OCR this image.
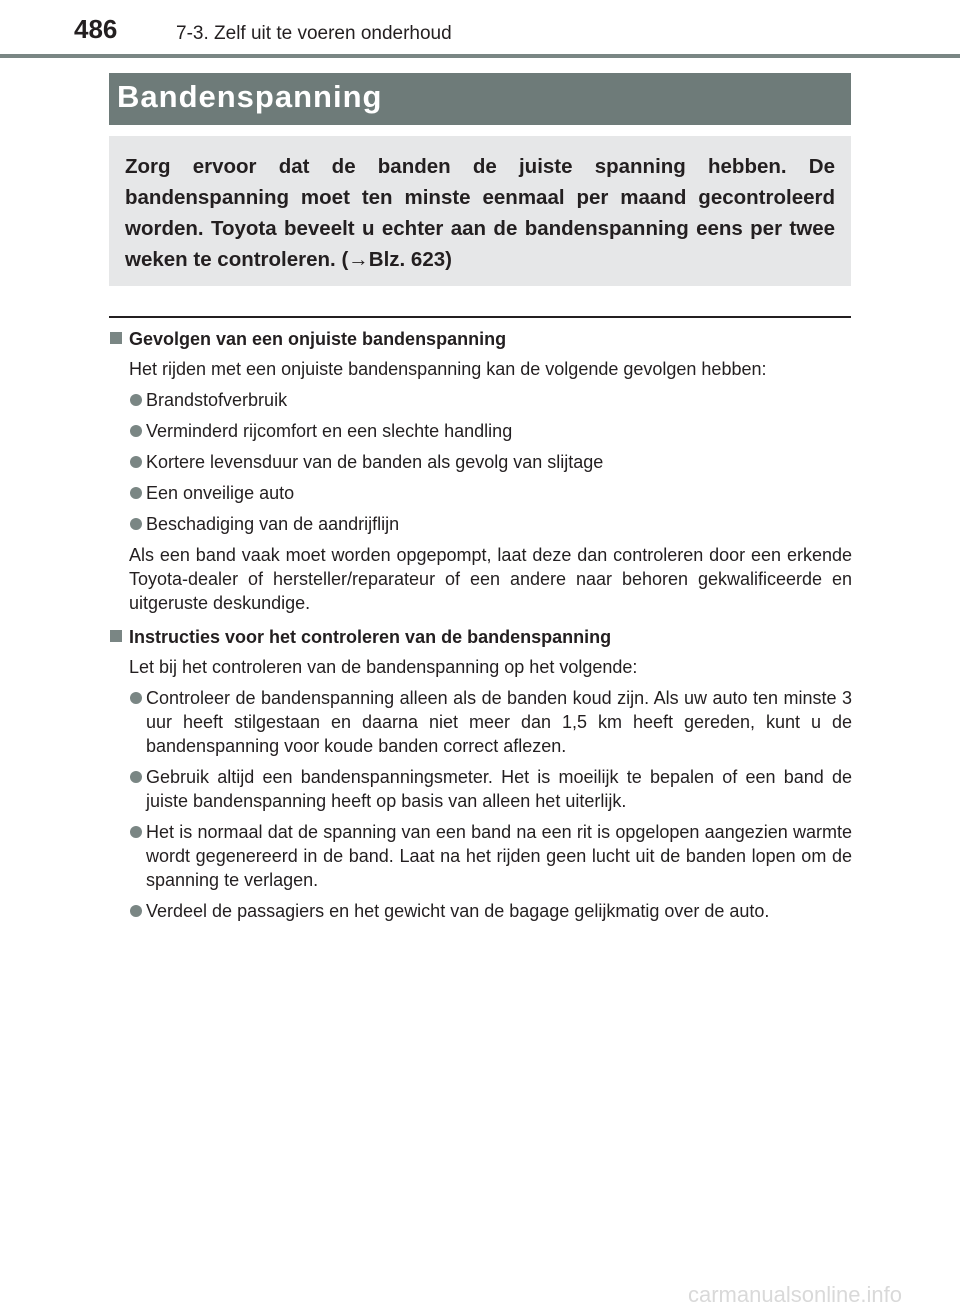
486	7-3. Zelf uit te voeren onderhoud
Bandenspanning
Zorg ervoor dat de banden de juiste spanning hebben. De bandenspanning moet ten minste eenmaal per maand gecontroleerd worden. Toyota beveelt u echter aan de bandenspanning eens per twee weken te controleren. (→Blz. 623)
Gevolgen van een onjuiste bandenspanning

Het rijden met een onjuiste bandenspanning kan de volgende gevolgen hebben:

Brandstofverbruik
Verminderd rijcomfort en een slechte handling
Kortere levensduur van de banden als gevolg van slijtage
Een onveilige auto
Beschadiging van de aandrijflijn

Als een band vaak moet worden opgepompt, laat deze dan controleren door een erkende Toyota-dealer of hersteller/reparateur of een andere naar behoren gekwalificeerde en uitgeruste deskundige.

Instructies voor het controleren van de bandenspanning

Let bij het controleren van de bandenspanning op het volgende:

Controleer de bandenspanning alleen als de banden koud zijn. Als uw auto ten minste 3 uur heeft stilgestaan en daarna niet meer dan 1,5 km heeft gereden, kunt u de bandenspanning voor koude banden correct aflezen.
Gebruik altijd een bandenspanningsmeter. Het is moeilijk te bepalen of een band de juiste bandenspanning heeft op basis van alleen het uiterlijk.
Het is normaal dat de spanning van een band na een rit is opgelopen aangezien warmte wordt gegenereerd in de band. Laat na het rijden geen lucht uit de banden lopen om de spanning te verlagen.
Verdeel de passagiers en het gewicht van de bagage gelijkmatig over de auto.
carmanualsonline.info
